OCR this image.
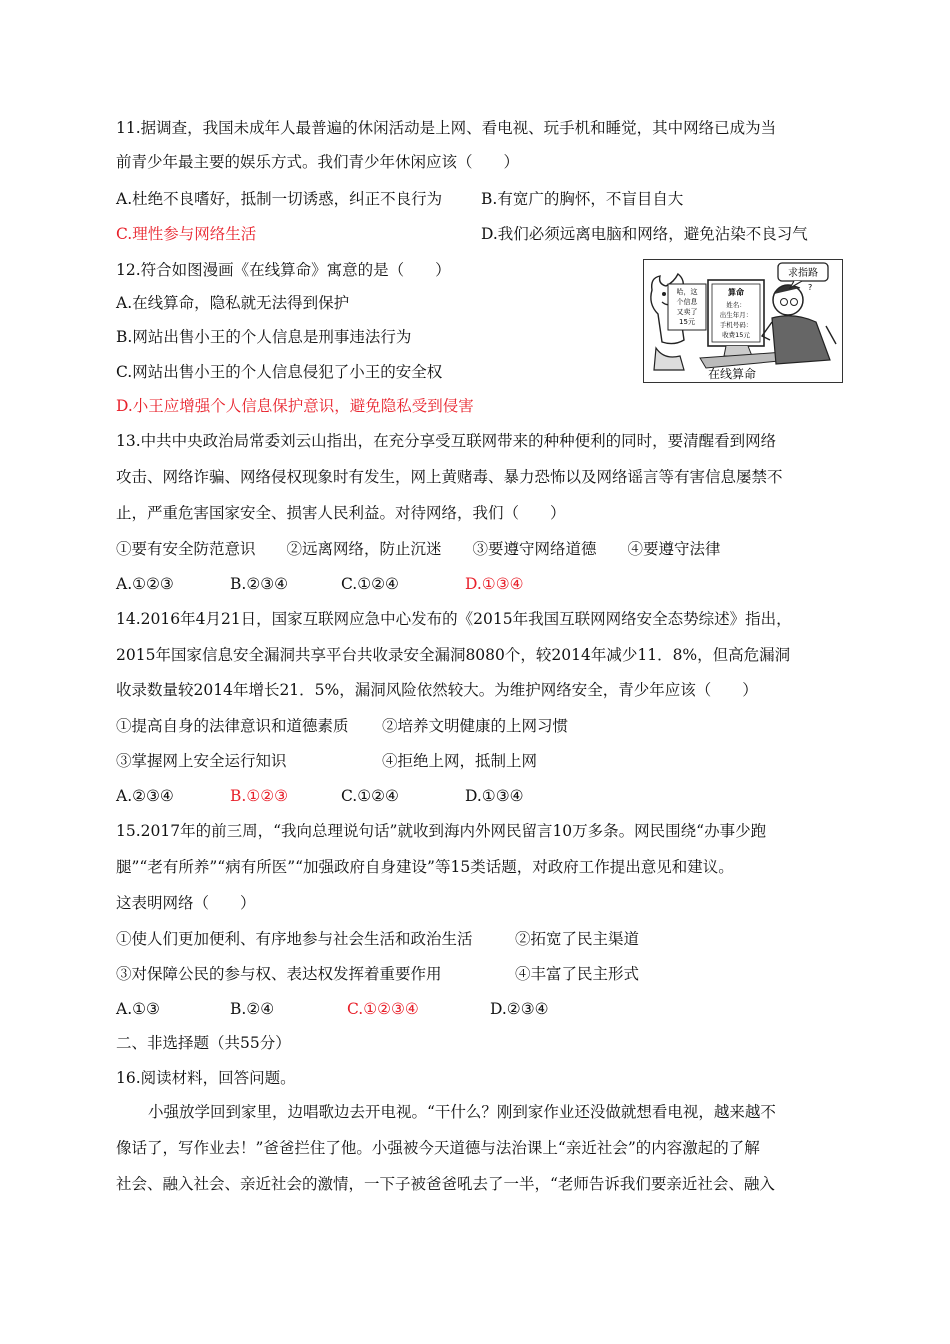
11.据调查，我国未成年人最普遍的休闲活动是上网、看电视、玩手机和睡觉，其中网络已成为当
前青少年最主要的娱乐方式。我们青少年休闲应该（　　）
A.杜绝不良嗜好，抵制一切诱惑，纠正不良行为	B.有宽广的胸怀，不盲目自大
C.理性参与网络生活	D.我们必须远离电脑和网络，避免沾染不良习气
12.符合如图漫画《在线算命》寓意的是（　　）
A.在线算命，隐私就无法得到保护
B.网站出售小王的个人信息是刑事违法行为
C.网站出售小王的个人信息侵犯了小王的安全权
D.小王应增强个人信息保护意识，避免隐私受到侵害
哈，这
个信息
又卖了
15元
算命
姓名：
出生年月：
手机号码：
收费15元
?
求指路
在线算命
13.中共中央政治局常委刘云山指出，在充分享受互联网带来的种种便利的同时，要清醒看到网络
攻击、网络诈骗、网络侵权现象时有发生，网上黄赌毒、暴力恐怖以及网络谣言等有害信息屡禁不
止，严重危害国家安全、损害人民利益。对待网络，我们（　　）
①要有安全防范意识　　②远离网络，防止沉迷　　③要遵守网络道德　　④要遵守法律
A.①②③	B.②③④	C.①②④	D.①③④
14.2016年4月21日，国家互联网应急中心发布的《2015年我国互联网网络安全态势综述》指出，
2015年国家信息安全漏洞共享平台共收录安全漏洞8080个，较2014年减少11．8%，但高危漏洞
收录数量较2014年增长21．5%，漏洞风险依然较大。为维护网络安全，青少年应该（　　）
①提高自身的法律意识和道德素质 ②培养文明健康的上网习惯
③掌握网上安全运行知识	④拒绝上网，抵制上网
A.②③④	B.①②③	C.①②④	D.①③④
15.2017年的前三周，“我向总理说句话”就收到海内外网民留言10万多条。网民围绕“办事少跑
腿”“老有所养”“病有所医”“加强政府自身建设”等15类话题，对政府工作提出意见和建议。
这表明网络（　　）
①使人们更加便利、有序地参与社会生活和政治生活	②拓宽了民主渠道
③对保障公民的参与权、表达权发挥着重要作用	④丰富了民主形式
A.①③	B.②④	C.①②③④	D.②③④
二、非选择题（共55分）
16.阅读材料，回答问题。
小强放学回到家里，边唱歌边去开电视。“干什么？刚到家作业还没做就想看电视，越来越不
像话了，写作业去！”爸爸拦住了他。小强被今天道德与法治课上“亲近社会”的内容激起的了解
社会、融入社会、亲近社会的激情，一下子被爸爸吼去了一半，“老师告诉我们要亲近社会、融入
